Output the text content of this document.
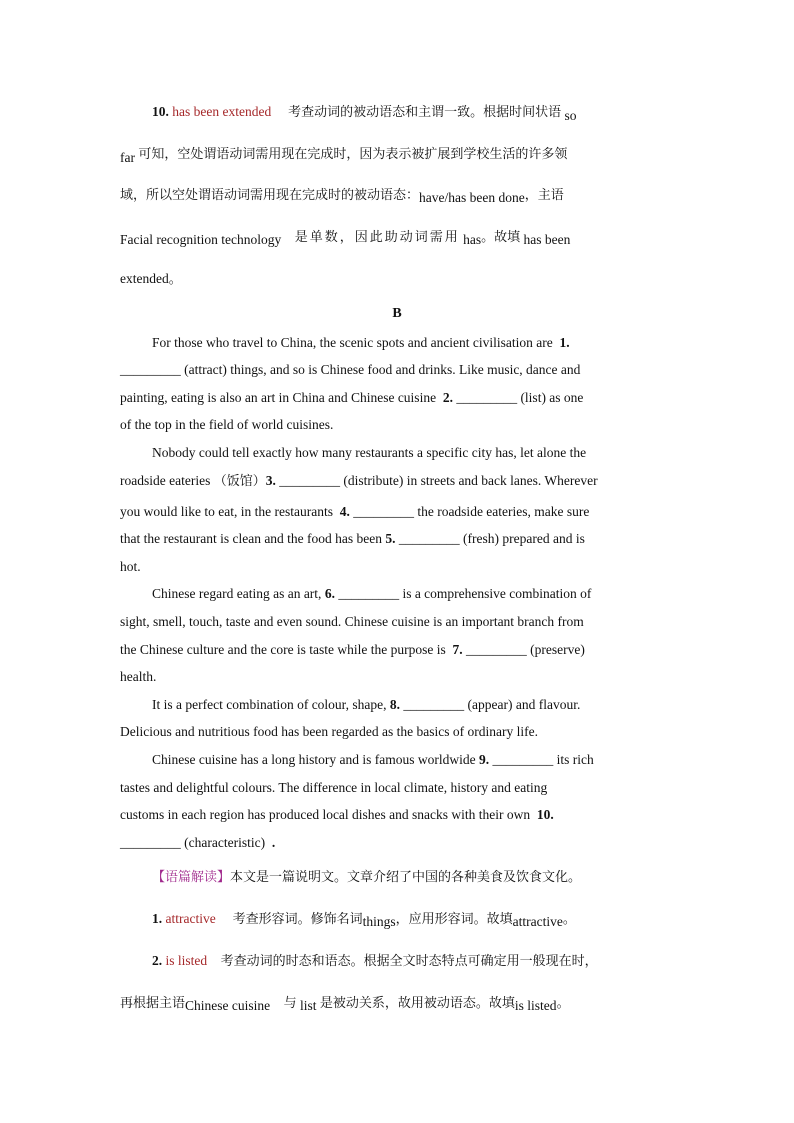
10. has been extended 考查动词的被动语态和主谓一致。根据时间状语 so
far 可知，空处谓语动词需用现在完成时，因为表示被扩展到学校生活的许多领
域，所以空处谓语动词需用现在完成时的被动语态：have/has been done，主语
Facial recognition technology 是单数，因此助动词需用 has。故填 has been
extended。
B
For those who travel to China, the scenic spots and ancient civilisation are 1.
_________ (attract) things, and so is Chinese food and drinks. Like music, dance and
painting, eating is also an art in China and Chinese cuisine 2. _________ (list) as one
of the top in the field of world cuisines.
Nobody could tell exactly how many restaurants a specific city has, let alone the
roadside eateries （饭馆）3. _________ (distribute) in streets and back lanes. Wherever
you would like to eat, in the restaurants 4. _________ the roadside eateries, make sure
that the restaurant is clean and the food has been 5. _________ (fresh) prepared and is
hot.
Chinese regard eating as an art, 6. _________ is a comprehensive combination of
sight, smell, touch, taste and even sound. Chinese cuisine is an important branch from
the Chinese culture and the core is taste while the purpose is 7. _________ (preserve)
health.
It is a perfect combination of colour, shape, 8. _________ (appear) and flavour.
Delicious and nutritious food has been regarded as the basics of ordinary life.
Chinese cuisine has a long history and is famous worldwide 9. _________ its rich
tastes and delightful colours. The difference in local climate, history and eating
customs in each region has produced local dishes and snacks with their own 10.
_________ (characteristic) .
【语篇解读】本文是一篇说明文。文章介绍了中国的各种美食及饮食文化。
1. attractive 考查形容词。修饰名词things，应用形容词。故填attractive。
2. is listed 考查动词的时态和语态。根据全文时态特点可确定用一般现在时，
再根据主语Chinese cuisine 与 list 是被动关系，故用被动语态。故填is listed。
